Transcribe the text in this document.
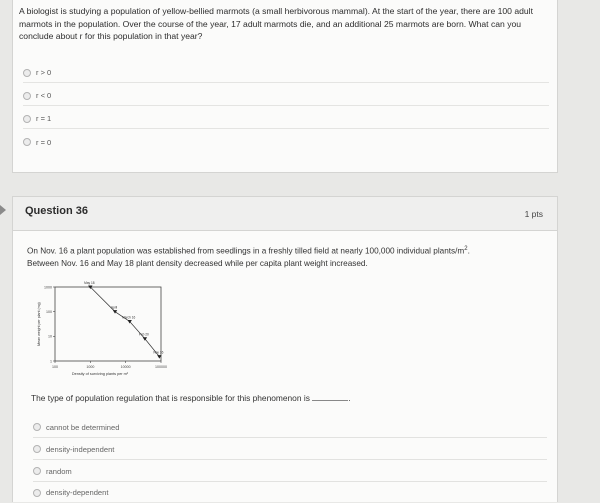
A biologist is studying a population of yellow-bellied marmots (a small herbivorous mammal). At the start of the year, there are 100 adult marmots in the population. Over the course of the year, 17 adult marmots die, and an additional 25 marmots are born. What can you conclude about r for this population in that year?
r > 0
r < 0
r = 1
r = 0
Question 36	1 pts
On Nov. 16 a plant population was established from seedlings in a freshly tilled field at nearly 100,000 individual plants/$m^2$.
Between Nov. 16 and May 18 plant density decreased while per capita plant weight increased.
100	1000	10000	100000
1000
100
10
1
Density of surviving plants per m²
Mean weight per plant (mg)
May 18
April
March 16
Feb 20
Nov 16
The type of population regulation that is responsible for this phenomenon is	.
cannot be determined
density-independent
random
density-dependent
